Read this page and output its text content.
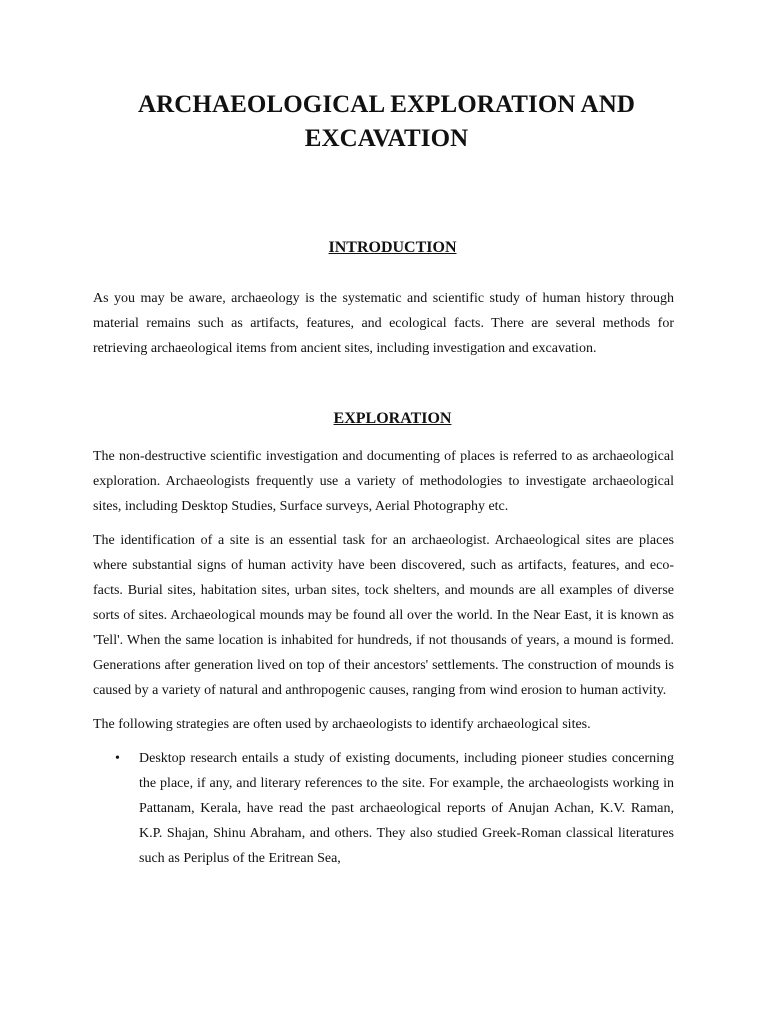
ARCHAEOLOGICAL EXPLORATION AND EXCAVATION
INTRODUCTION

As you may be aware, archaeology is the systematic and scientific study of human history through material remains such as artifacts, features, and ecological facts. There are several methods for retrieving archaeological items from ancient sites, including investigation and excavation.

EXPLORATION

The non-destructive scientific investigation and documenting of places is referred to as archaeological exploration. Archaeologists frequently use a variety of methodologies to investigate archaeological sites, including Desktop Studies, Surface surveys, Aerial Photography etc.

The identification of a site is an essential task for an archaeologist. Archaeological sites are places where substantial signs of human activity have been discovered, such as artifacts, features, and eco-facts. Burial sites, habitation sites, urban sites, tock shelters, and mounds are all examples of diverse sorts of sites. Archaeological mounds may be found all over the world. In the Near East, it is known as 'Tell'. When the same location is inhabited for hundreds, if not thousands of years, a mound is formed. Generations after generation lived on top of their ancestors' settlements. The construction of mounds is caused by a variety of natural and anthropogenic causes, ranging from wind erosion to human activity.

The following strategies are often used by archaeologists to identify archaeological sites.

• Desktop research entails a study of existing documents, including pioneer studies concerning the place, if any, and literary references to the site. For example, the archaeologists working in Pattanam, Kerala, have read the past archaeological reports of Anujan Achan, K.V. Raman, K.P. Shajan, Shinu Abraham, and others. They also studied Greek-Roman classical literatures such as Periplus of the Eritrean Sea,
